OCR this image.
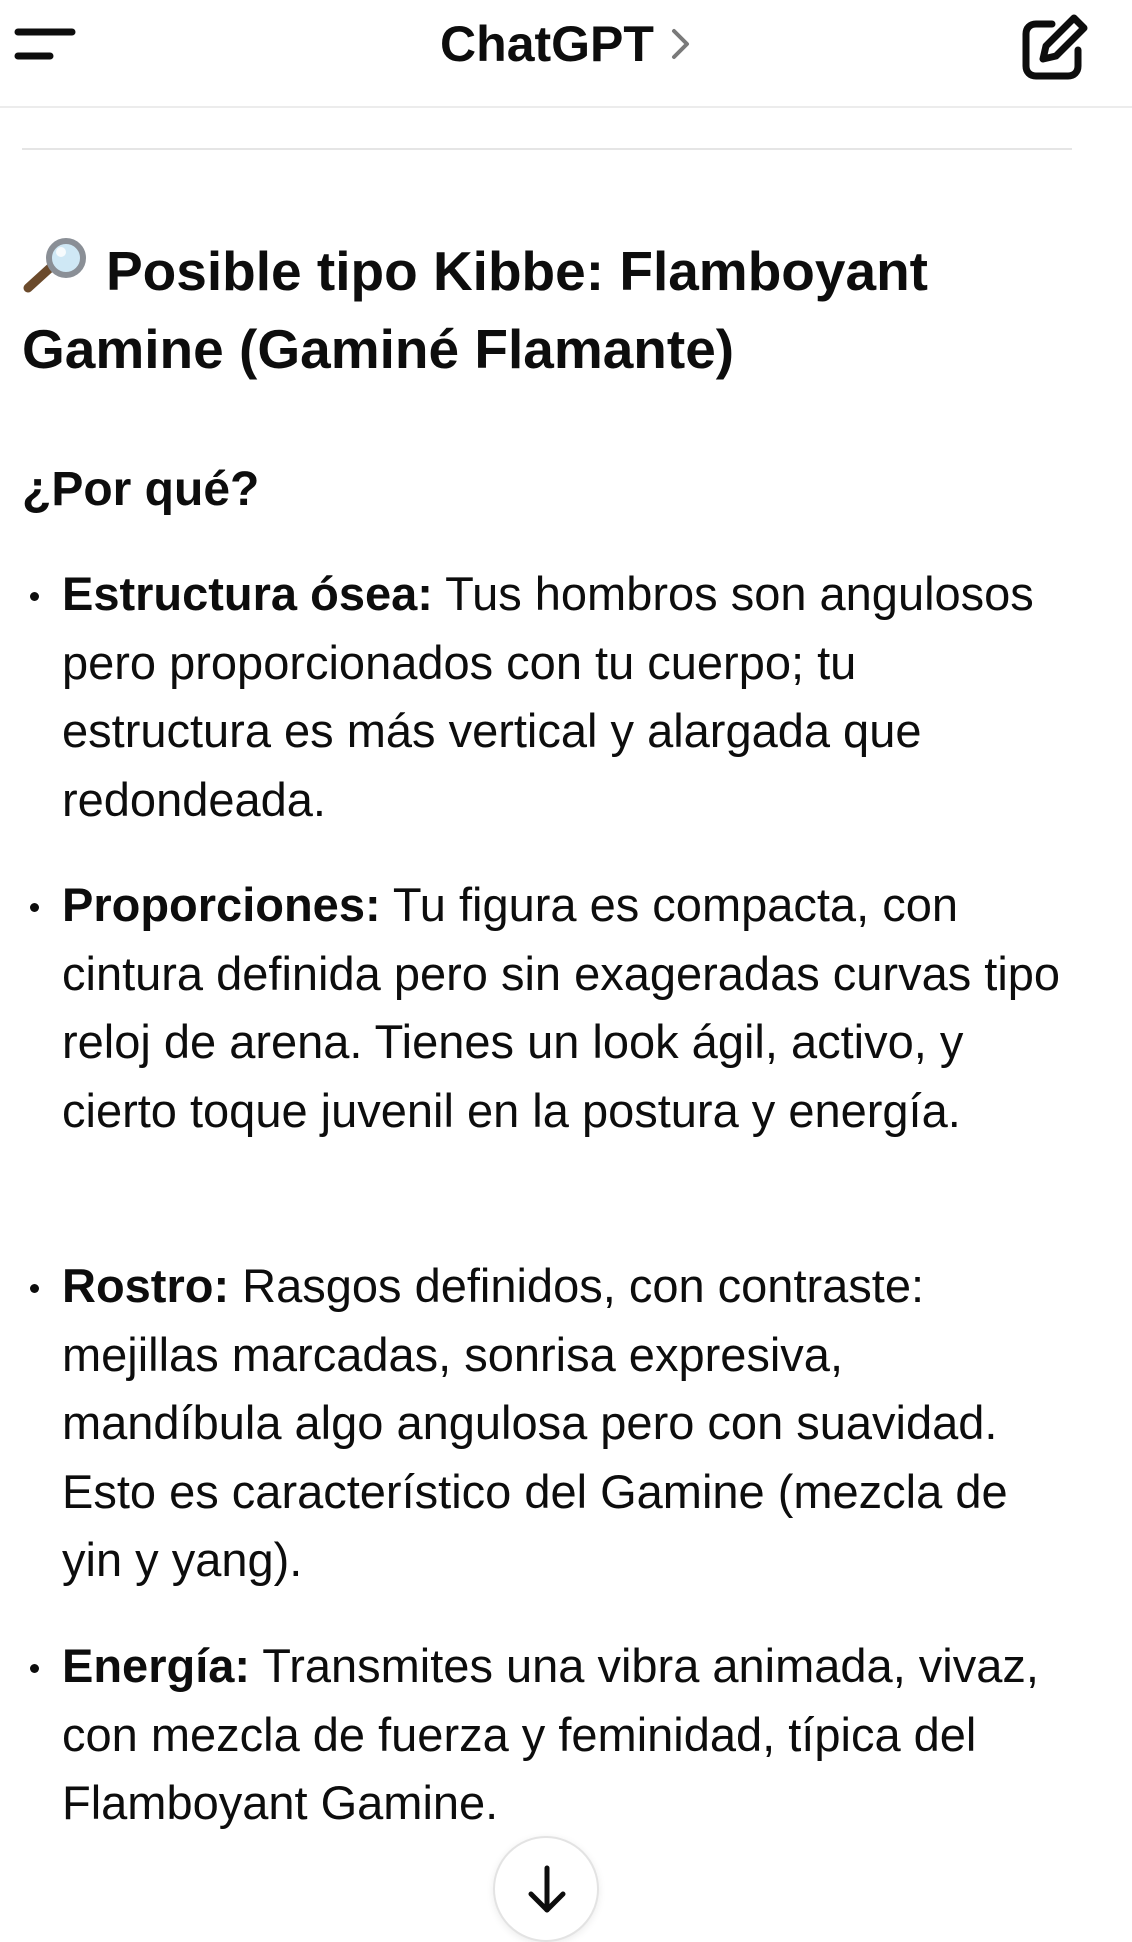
ChatGPT
Posible tipo Kibbe: Flamboyant Gamine (Gaminé Flamante)
¿Por qué?
Estructura ósea: Tus hombros son angulosos pero proporcionados con tu cuerpo; tu estructura es más vertical y alargada que redondeada.
Proporciones: Tu figura es compacta, con cintura definida pero sin exageradas curvas tipo reloj de arena. Tienes un look ágil, activo, y cierto toque juvenil en la postura y energía.
Rostro: Rasgos definidos, con contraste: mejillas marcadas, sonrisa expresiva, mandíbula algo angulosa pero con suavidad. Esto es característico del Gamine (mezcla de yin y yang).
Energía: Transmites una vibra animada, vivaz, con mezcla de fuerza y feminidad, típica del Flamboyant Gamine.
